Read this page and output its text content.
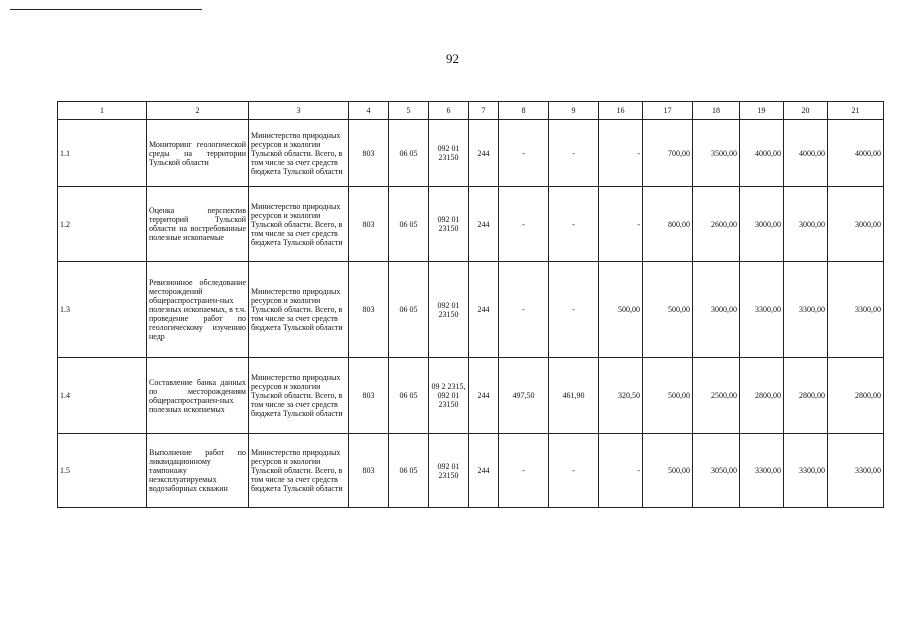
92
1	2	3	4	5	6	7	8	9	16	17	18	19	20	21
1.1	Мониторинг геологической среды на территории Тульской области	Министерство природных ресурсов и экологии Тульской области. Всего, в том числе за счет средств бюджета Тульской области	803	06 05	092 01 23150	244	-	-	-	700,00	3500,00	4000,00	4000,00	4000,00
1.2	Оценка перспектив территорий Тульской области на востребованные полезные ископаемые	Министерство природных ресурсов и экологии Тульской области. Всего, в том числе за счет средств бюджета Тульской области	803	06 05	092 01 23150	244	-	-	-	800,00	2600,00	3000,00	3000,00	3000,00
1.3	Ревизионное обследование месторождений общераспространен-ных полезных ископаемых, в т.ч. проведение работ по геологическому изучению недр	Министерство природных ресурсов и экологии Тульской области. Всего, в том числе за счет средств бюджета Тульской области	803	06 05	092 01 23150	244	-	-	500,00	500,00	3000,00	3300,00	3300,00	3300,00
1.4	Составление банка данных по месторождениям общераспространен-ных полезных ископаемых	Министерство природных ресурсов и экологии Тульской области. Всего, в том числе за счет средств бюджета Тульской области	803	06 05	09 2 2315, 092 01 23150	244	497,50	461,90	320,50	500,00	2500,00	2800,00	2800,00	2800,00
1.5	Выполнение работ по ликвидационному тампонажу неэксплуатируемых водозаборных скважин	Министерство природных ресурсов и экологии Тульской области. Всего, в том числе за счет средств бюджета Тульской области	803	06 05	092 01 23150	244	-	-	-	500,00	3050,00	3300,00	3300,00	3300,00
